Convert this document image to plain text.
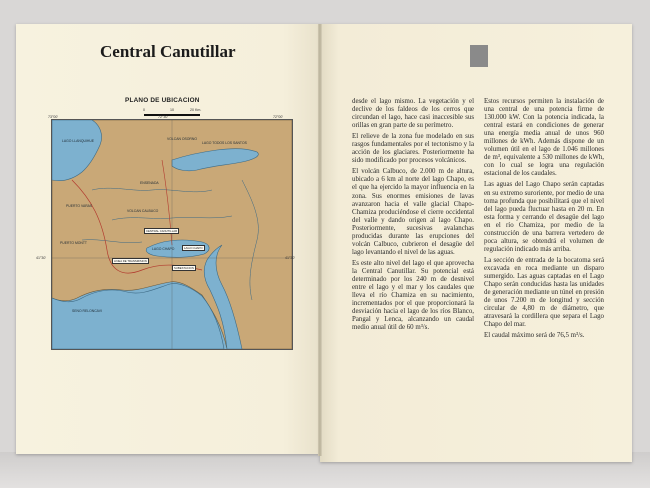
Central Canutillar
PLANO DE UBICACION
0	10	20 Km.
73°00'	72°30'	72°00'
LAGO LLANQUIHUE
PUERTO VARAS
PUERTO MONTT
VOLCAN CALBUCO
VOLCAN OSORNO
LAGO TODOS LOS SANTOS
ENSENADA
SENO RELONCAVI
LAGO CHAPO
CENTRAL CANUTILLAR
LINEA DE TRANSMISION
SUBESTACION
LAGO CHAPO
41°30'	41°30'

desde el lago mismo. La vegetación y el declive de los faldeos de los cerros que circundan el lago, hace casi inaccesible sus orillas en gran parte de su perímetro.

El relieve de la zona fue modelado en sus rasgos fundamentales por el tectonismo y la acción de los glaciares. Posteriormente ha sido modificado por procesos volcánicos.

El volcán Calbuco, de 2.000 m de altura, ubicado a 6 km al norte del lago Chapo, es el que ha ejercido la mayor influencia en la zona. Sus enormes emisiones de lavas avanzaron hacia el valle glacial Chapo-Chamiza produciéndose el cierre occidental del valle y dando origen al lago Chapo. Posteriormente, sucesivas avalanchas producidas durante las erupciones del volcán Calbuco, cubrieron el desagüe del lago levantando el nivel de las aguas.

Es este alto nivel del lago el que aprovecha la Central Canutillar. Su potencial está determinado por los 240 m de desnivel entre el lago y el mar y los caudales que lleva el río Chamiza en su nacimiento, incrementados por el que proporcionará la desviación hacia el lago de los ríos Blanco, Pangal y Lenca, alcanzando un caudal medio anual útil de 60 m³/s.

Estos recursos permiten la instalación de una central de una potencia firme de 130.000 kW. Con la potencia indicada, la central estará en condiciones de generar una energía media anual de unos 960 millones de kWh. Además dispone de un volumen útil en el lago de 1.046 millones de m³, equivalente a 530 millones de kWh, con lo cual se logra una regulación estacional de los caudales.

Las aguas del Lago Chapo serán captadas en su extremo suroriente, por medio de una toma profunda que posibilitará que el nivel del lago pueda fluctuar hasta en 20 m. En esta forma y cerrando el desagüe del lago en el río Chamiza, por medio de la construcción de una barrera vertedero de poca altura, se obtendrá el volumen de regulación indicado más arriba.

La sección de entrada de la bocatoma será excavada en roca mediante un disparo sumergido. Las aguas captadas en el Lago Chapo serán conducidas hasta las unidades de generación mediante un túnel en presión de unos 7.200 m de longitud y sección circular de 4,80 m de diámetro, que atravesará la cordillera que separa el Lago Chapo del mar.

El caudal máximo será de 76,5 m³/s.
